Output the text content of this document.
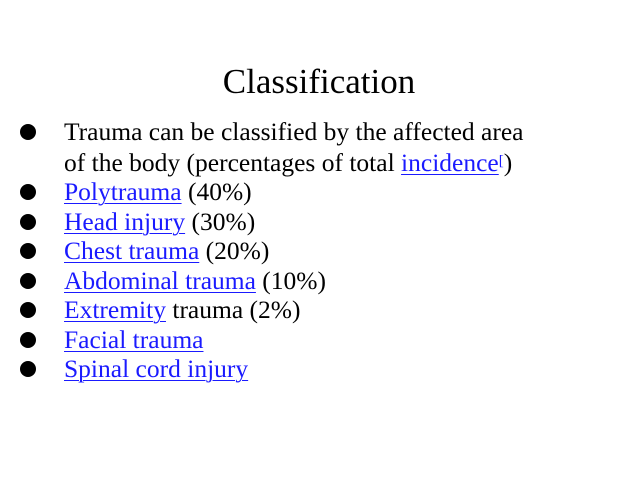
Classification
Trauma can be classified by the affected area
of the body (percentages of total incidence[)
Polytrauma (40%)
Head injury (30%)
Chest trauma (20%)
Abdominal trauma (10%)
Extremity trauma (2%)
Facial trauma
Spinal cord injury
